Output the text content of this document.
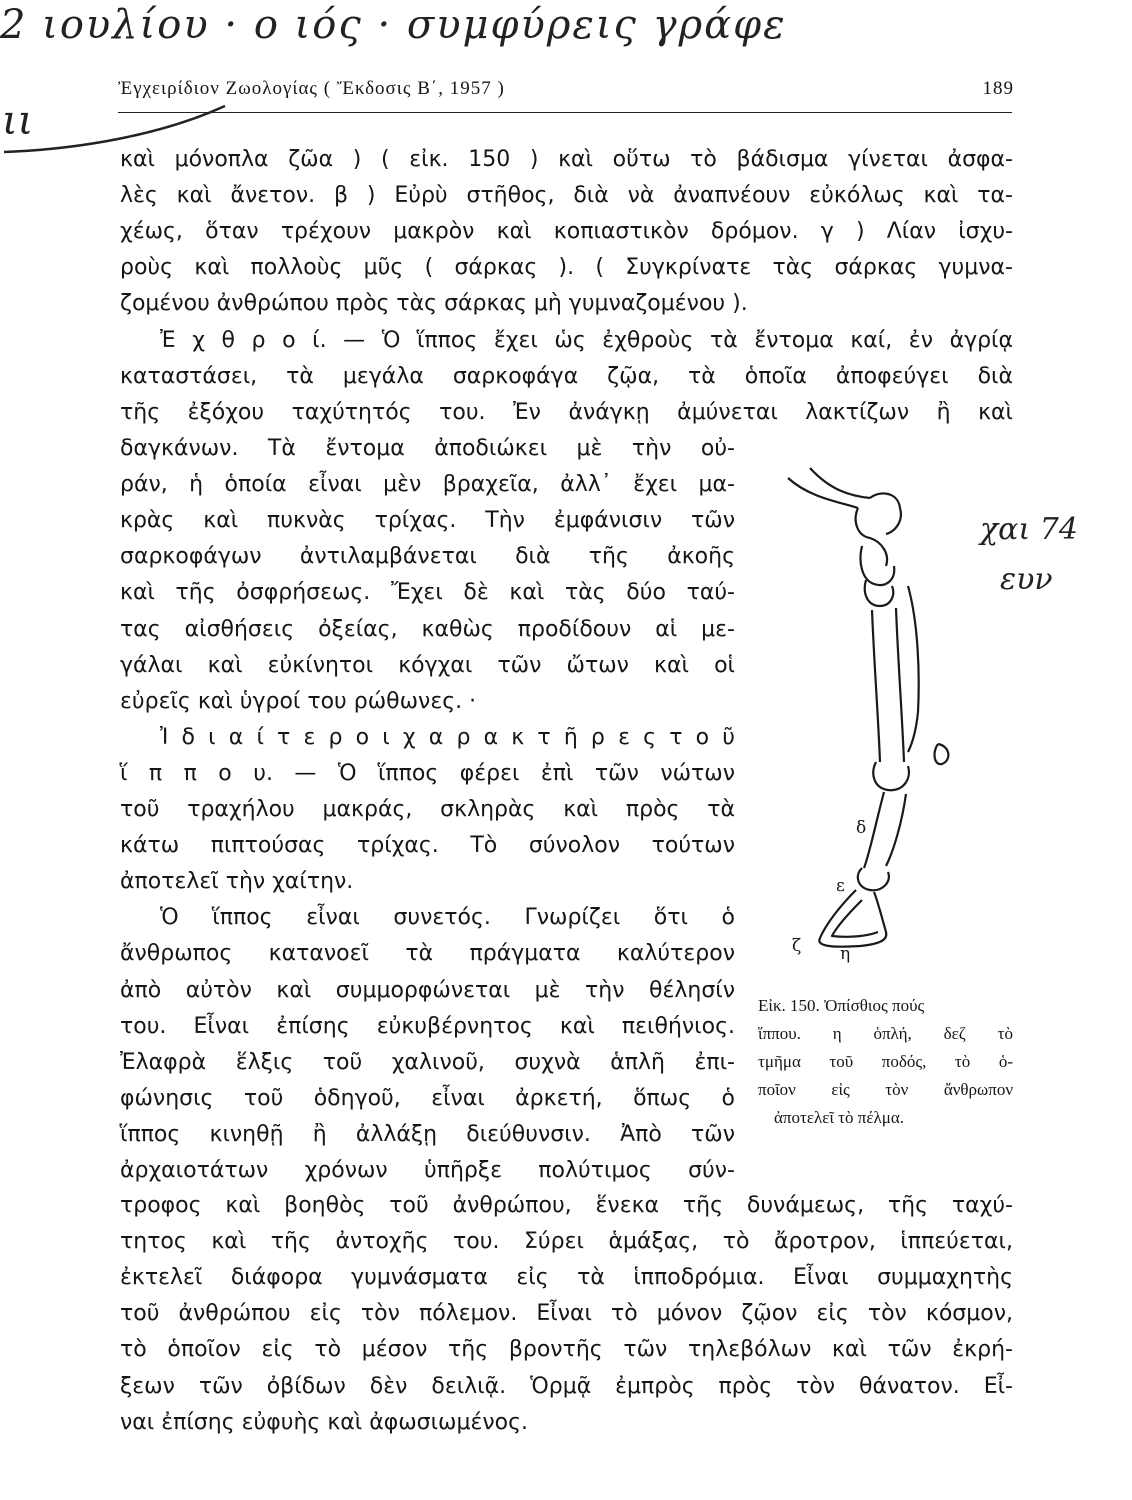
2 ιουλίου · ο ιός · συμφύρεις γράφε
ιι
χαι 74
ευν
Ἐγχειρίδιον Ζωολογίας ( Ἔκδοσις Β΄, 1957 )	189
καὶ μόνοπλα ζῶα ) ( εἰκ. 150 ) καὶ οὕτω τὸ βάδισμα γίνεται ἀσφα-
λὲς καὶ ἄνετον. β ) Εὐρὺ στῆθος, διὰ νὰ ἀναπνέουν εὐκόλως καὶ τα-
χέως, ὅταν τρέχουν μακρὸν καὶ κοπιαστικὸν δρόμον. γ ) Λίαν ἰσχυ-
ροὺς καὶ πολλοὺς μῦς ( σάρκας ). ( Συγκρίνατε τὰς σάρκας γυμνα-
ζομένου ἀνθρώπου πρὸς τὰς σάρκας μὴ γυμναζομένου ).
Ἐ χ θ ρ ο ί. — Ὁ ἵππος ἔχει ὡς ἐχθροὺς τὰ ἔντομα καί, ἐν ἀγρίᾳ
καταστάσει, τὰ μεγάλα σαρκοφάγα ζῷα, τὰ ὁποῖα ἀποφεύγει διὰ
τῆς ἐξόχου ταχύτητός του. Ἐν ἀνάγκῃ ἀμύνεται λακτίζων ἢ καὶ
δαγκάνων. Τὰ ἔντομα ἀποδιώκει μὲ τὴν οὐ-
ράν, ἡ ὁποία εἶναι μὲν βραχεῖα, ἀλλ᾽ ἔχει μα-
κρὰς καὶ πυκνὰς τρίχας. Τὴν ἐμφάνισιν τῶν
σαρκοφάγων ἀντιλαμβάνεται διὰ τῆς ἀκοῆς
καὶ τῆς ὀσφρήσεως. Ἔχει δὲ καὶ τὰς δύο ταύ-
τας αἰσθήσεις ὀξείας, καθὼς προδίδουν αἱ με-
γάλαι καὶ εὐκίνητοι κόγχαι τῶν ὤτων καὶ οἱ
εὐρεῖς καὶ ὑγροί του ρώθωνες. ·
Ἰ δ ι α ί τ ε ρ ο ι χ α ρ α κ τ ῆ ρ ε ς τ ο ῦ
ἵ π π ο υ. — Ὁ ἵππος φέρει ἐπὶ τῶν νώτων
τοῦ τραχήλου μακράς, σκληρὰς καὶ πρὸς τὰ
κάτω πιπτούσας τρίχας. Τὸ σύνολον τούτων
ἀποτελεῖ τὴν χαίτην.
Ὁ ἵππος εἶναι συνετός. Γνωρίζει ὅτι ὁ
ἄνθρωπος κατανοεῖ τὰ πράγματα καλύτερον
ἀπὸ αὐτὸν καὶ συμμορφώνεται μὲ τὴν θέλησίν
του. Εἶναι ἐπίσης εὐκυβέρνητος καὶ πειθήνιος.
Ἐλαφρὰ ἕλξις τοῦ χαλινοῦ, συχνὰ ἁπλῆ ἐπι-
φώνησις τοῦ ὁδηγοῦ, εἶναι ἀρκετή, ὅπως ὁ
ἵππος κινηθῇ ἢ ἀλλάξῃ διεύθυνσιν. Ἀπὸ τῶν
ἀρχαιοτάτων χρόνων ὑπῆρξε πολύτιμος σύν-
τροφος καὶ βοηθὸς τοῦ ἀνθρώπου, ἕνεκα τῆς δυνάμεως, τῆς ταχύ-
τητος καὶ τῆς ἀντοχῆς του. Σύρει ἁμάξας, τὸ ἄροτρον, ἱππεύεται,
ἐκτελεῖ διάφορα γυμνάσματα εἰς τὰ ἱπποδρόμια. Εἶναι συμμαχητὴς
τοῦ ἀνθρώπου εἰς τὸν πόλεμον. Εἶναι τὸ μόνον ζῷον εἰς τὸν κόσμον,
τὸ ὁποῖον εἰς τὸ μέσον τῆς βροντῆς τῶν τηλεβόλων καὶ τῶν ἐκρή-
ξεων τῶν ὀβίδων δὲν δειλιᾷ. Ὁρμᾷ ἐμπρὸς πρὸς τὸν θάνατον. Εἶ-
ναι ἐπίσης εὐφυὴς καὶ ἀφωσιωμένος.
δ
ε
ζ η
Εἰκ. 150. Ὀπίσθιος πούς
ἵππου. η ὁπλή, δεζ τὸ
τμῆμα τοῦ ποδός, τὸ ὁ-
ποῖον εἰς τὸν ἄνθρωπον
ἀποτελεῖ τὸ πέλμα.
